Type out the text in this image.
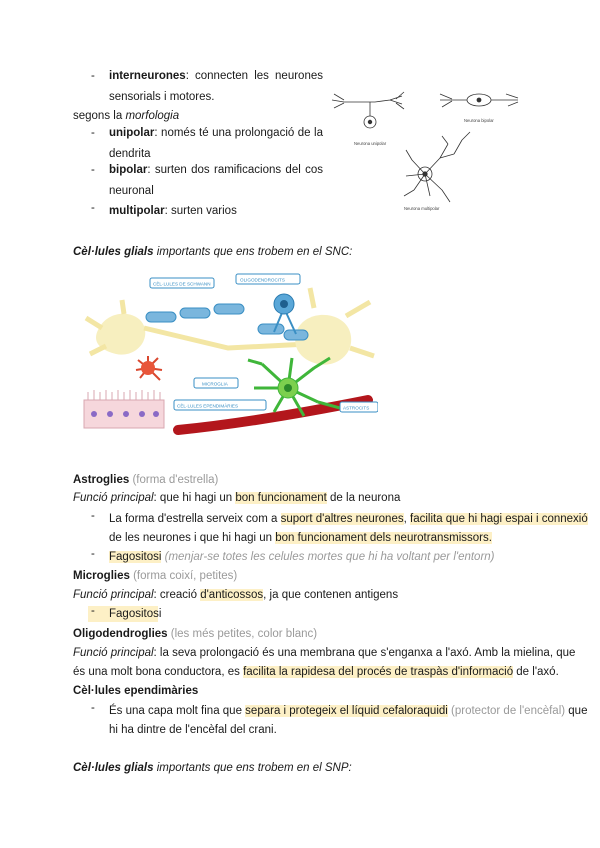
- interneurones: connecten les neurones
sensorials i motores.
segons la morfologia
- unipolar: només té una prolongació de la
dendrita
- bipolar: surten dos ramificacions del cos
neuronal
- multipolar: surten varios
Neurona unipolar
Neurona bipolar
Neurona multipolar
Cèl·lules glials importants que ens trobem en el SNC:
CÈL·LULES DE SCHWANN
OLIGODENDROCITS
MICROGLIA
CÈL·LULES EPENDIMÀRIES	ASTROCITS
Astroglies (forma d'estrella)
Funció principal: que hi hagi un bon funcionament de la neurona
- La forma d'estrella serveix com a suport d'altres neurones, facilita que hi hagi espai i connexió
de les neurones i que hi hagi un bon funcionament dels neurotransmissors.
- Fagositosi (menjar-se totes les celules mortes que hi ha voltant per l'entorn)
Microglies (forma coixí, petites)
Funció principal: creació d'anticossos, ja que contenen antigens
- Fagositosi
Oligodendroglies (les més petites, color blanc)
Funció principal: la seva prolongació és una membrana que s'enganxa a l'axó. Amb la mielina, que
és una molt bona conductora, es facilita la rapidesa del procés de traspàs d'informació de l'axó.
Cèl·lules ependimàries
- És una capa molt fina que separa i protegeix el líquid cefaloraquidi (protector de l'encèfal) que
hi ha dintre de l'encèfal del crani.
Cèl·lules glials importants que ens trobem en el SNP:
